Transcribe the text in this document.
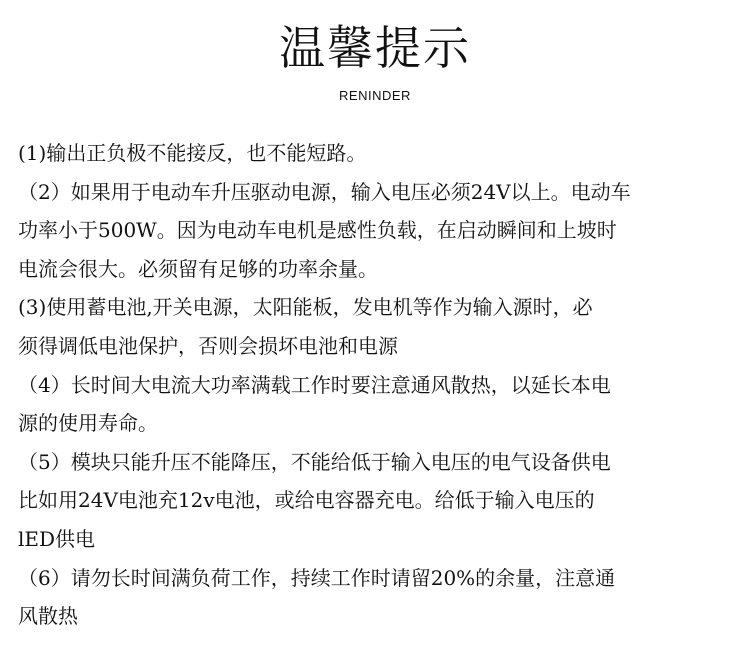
温馨提示
RENINDER
(1)输出正负极不能接反，也不能短路。
（2）如果用于电动车升压驱动电源，输入电压必须24V以上。电动车
功率小于500W。因为电动车电机是感性负载，在启动瞬间和上坡时
电流会很大。必须留有足够的功率余量。
(3)使用蓄电池,开关电源，太阳能板，发电机等作为输入源时，必
须得调低电池保护，否则会损坏电池和电源
（4）长时间大电流大功率满载工作时要注意通风散热，以延长本电
源的使用寿命。
（5）模块只能升压不能降压，不能给低于输入电压的电气设备供电
比如用24V电池充12v电池，或给电容器充电。给低于输入电压的
lED供电
（6）请勿长时间满负荷工作，持续工作时请留20%的余量，注意通
风散热
